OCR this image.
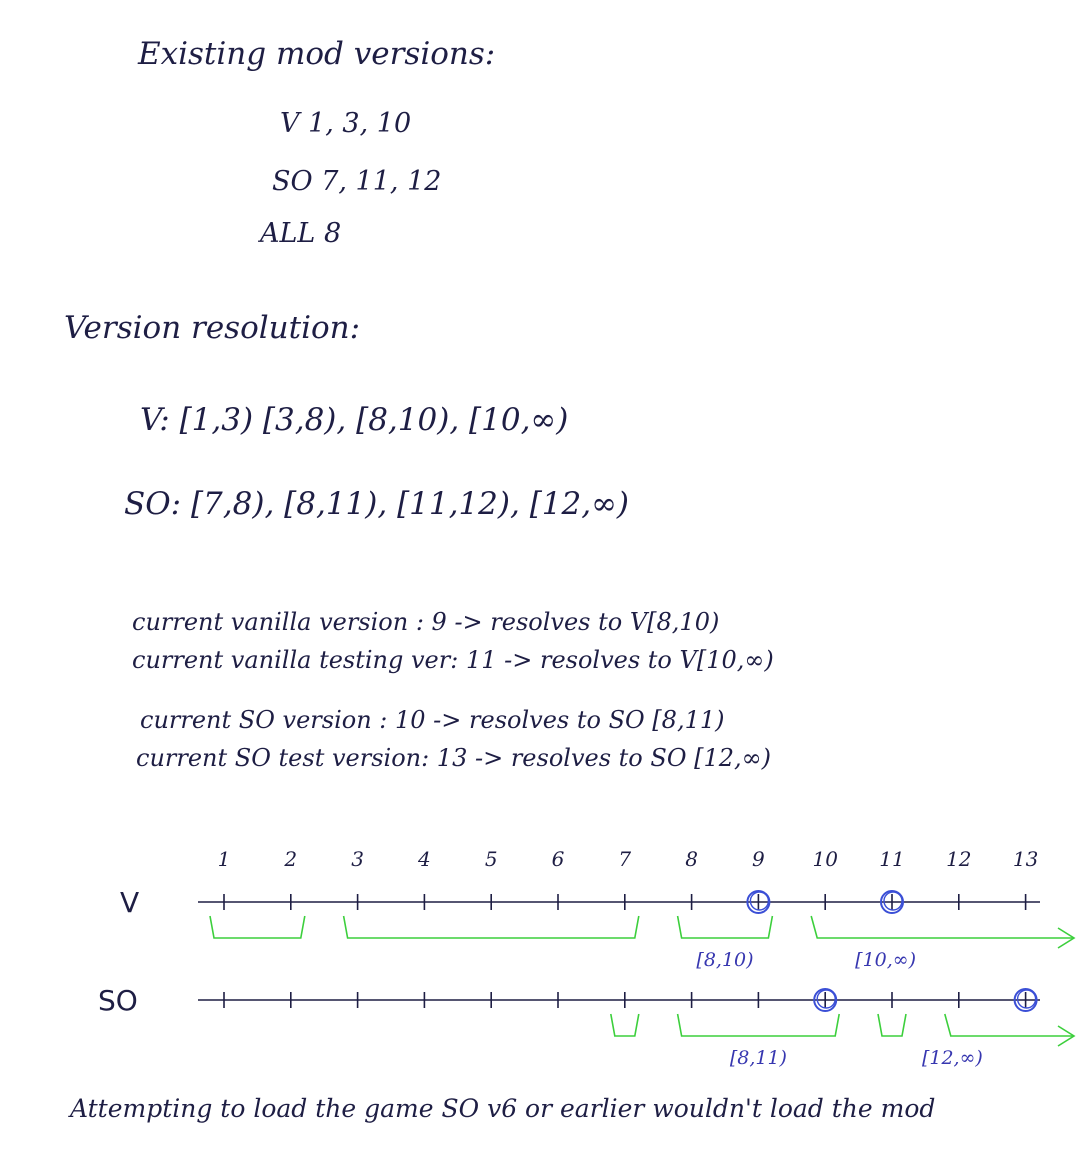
Existing mod versions:
V 1, 3, 10
SO 7, 11, 12
ALL 8
Version resolution:
V: [1,3) [3,8), [8,10), [10,∞)
SO: [7,8), [8,11), [11,12), [12,∞)
current vanilla version : 9 -> resolves to V[8,10)
current vanilla testing ver: 11 -> resolves to V[10,∞)
current SO version : 10 -> resolves to SO [8,11)
current SO test version: 13 -> resolves to SO [12,∞)
1	2	3	4	5	6	7	8	9 10 11 12 13
V
[8,10)	[10,∞)
SO
[8,11)	[12,∞)
Attempting to load the game SO v6 or earlier wouldn't load the mod
